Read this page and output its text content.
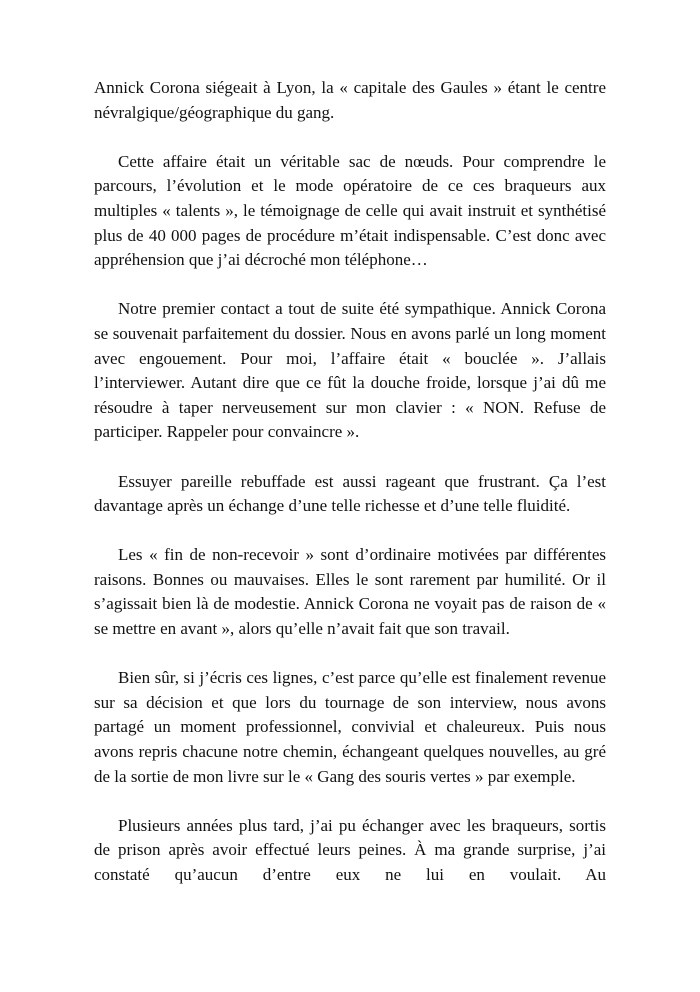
Annick Corona siégeait à Lyon, la « capitale des Gaules » étant le centre névralgique/géographique du gang.

Cette affaire était un véritable sac de nœuds. Pour comprendre le parcours, l’évolution et le mode opératoire de ce ces braqueurs aux multiples « talents », le témoignage de celle qui avait instruit et synthétisé plus de 40 000 pages de procédure m’était indispensable. C’est donc avec appréhension que j’ai décroché mon téléphone…

Notre premier contact a tout de suite été sympathique. Annick Corona se souvenait parfaitement du dossier. Nous en avons parlé un long moment avec engouement. Pour moi, l’affaire était « bouclée ». J’allais l’interviewer. Autant dire que ce fût la douche froide, lorsque j’ai dû me résoudre à taper nerveusement sur mon clavier : « NON. Refuse de participer. Rappeler pour convaincre ».

Essuyer pareille rebuffade est aussi rageant que frustrant. Ça l’est davantage après un échange d’une telle richesse et d’une telle fluidité.

Les « fin de non-recevoir » sont d’ordinaire motivées par différentes raisons. Bonnes ou mauvaises. Elles le sont rarement par humilité. Or il s’agissait bien là de modestie. Annick Corona ne voyait pas de raison de « se mettre en avant », alors qu’elle n’avait fait que son travail.

Bien sûr, si j’écris ces lignes, c’est parce qu’elle est finalement revenue sur sa décision et que lors du tournage de son interview, nous avons partagé un moment professionnel, convivial et chaleureux. Puis nous avons repris chacune notre chemin, échangeant quelques nouvelles, au gré de la sortie de mon livre sur le « Gang des souris vertes » par exemple.

Plusieurs années plus tard, j’ai pu échanger avec les braqueurs, sortis de prison après avoir effectué leurs peines. À ma grande surprise, j’ai constaté qu’aucun d’entre eux ne lui en voulait. Au
